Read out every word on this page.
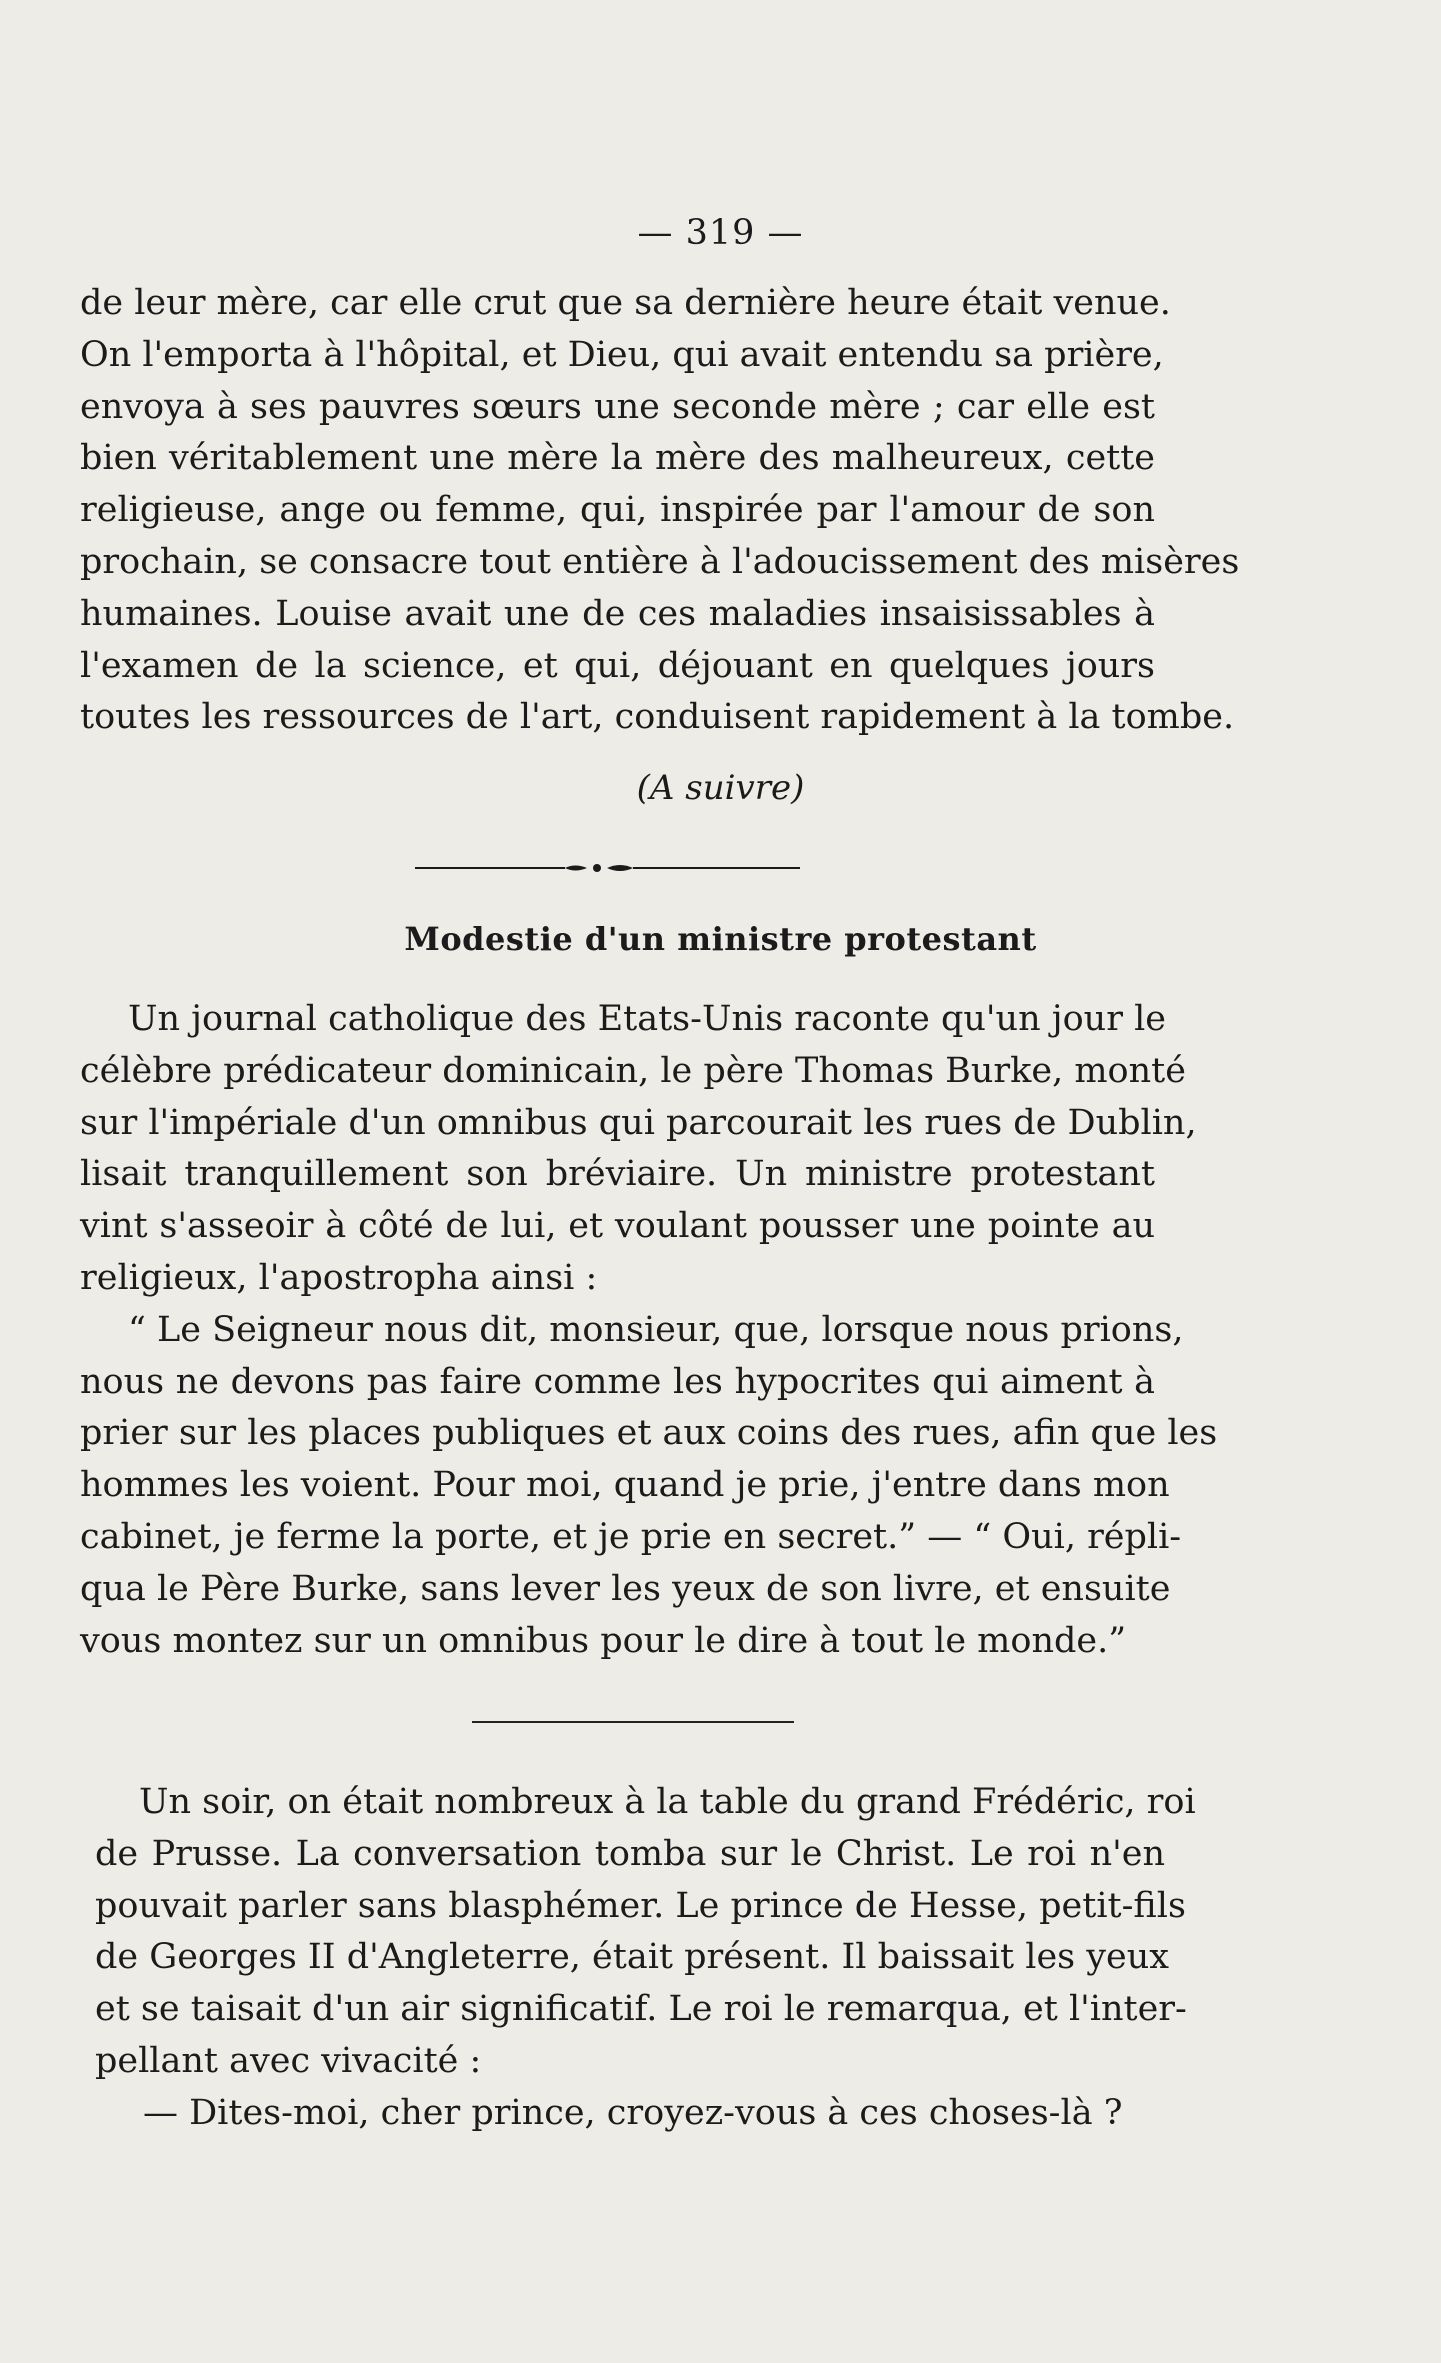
— 319 —
de leur mère, car elle crut que sa dernière heure était venue.
On l'emporta à l'hôpital, et Dieu, qui avait entendu sa prière,
envoya à ses pauvres sœurs une seconde mère ; car elle est
bien véritablement une mère la mère des malheureux, cette
religieuse, ange ou femme, qui, inspirée par l'amour de son
prochain, se consacre tout entière à l'adoucissement des misères
humaines. Louise avait une de ces maladies insaisissables à
l'examen de la science, et qui, déjouant en quelques jours
toutes les ressources de l'art, conduisent rapidement à la tombe.
(A suivre)
Modestie d'un ministre protestant
Un journal catholique des Etats-Unis raconte qu'un jour le
célèbre prédicateur dominicain, le père Thomas Burke, monté
sur l'impériale d'un omnibus qui parcourait les rues de Dublin,
lisait tranquillement son bréviaire. Un ministre protestant
vint s'asseoir à côté de lui, et voulant pousser une pointe au
religieux, l'apostropha ainsi :
“ Le Seigneur nous dit, monsieur, que, lorsque nous prions,
nous ne devons pas faire comme les hypocrites qui aiment à
prier sur les places publiques et aux coins des rues, afin que les
hommes les voient. Pour moi, quand je prie, j'entre dans mon
cabinet, je ferme la porte, et je prie en secret.” — “ Oui, répli-
qua le Père Burke, sans lever les yeux de son livre, et ensuite
vous montez sur un omnibus pour le dire à tout le monde.”
Un soir, on était nombreux à la table du grand Frédéric, roi
de Prusse. La conversation tomba sur le Christ. Le roi n'en
pouvait parler sans blasphémer. Le prince de Hesse, petit-fils
de Georges II d'Angleterre, était présent. Il baissait les yeux
et se taisait d'un air significatif. Le roi le remarqua, et l'inter-
pellant avec vivacité :
— Dites-moi, cher prince, croyez-vous à ces choses-là ?
